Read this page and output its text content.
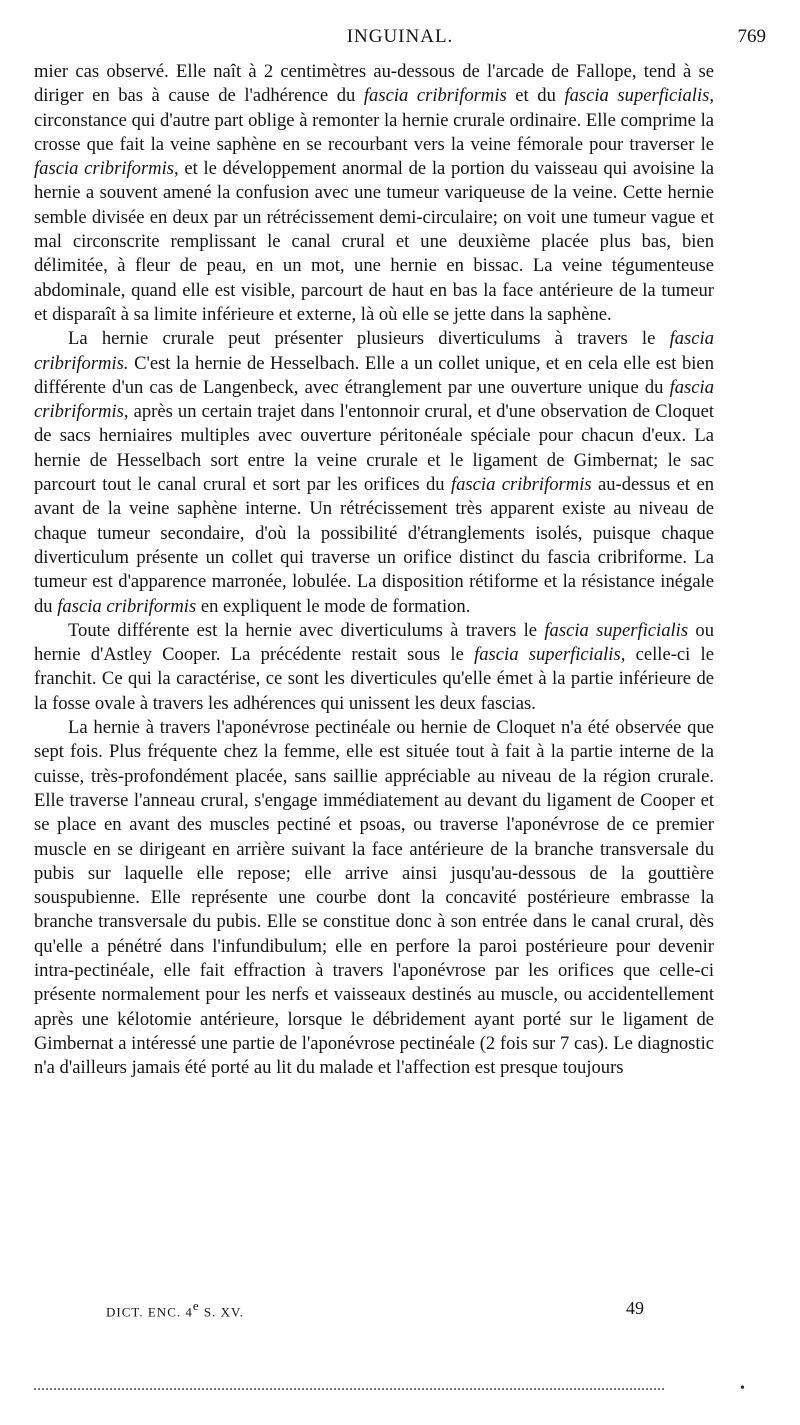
INGUINAL.	769

mier cas observé. Elle naît à 2 centimètres au-dessous de l'arcade de Fallope, tend à se diriger en bas à cause de l'adhérence du fascia cribriformis et du fascia superficialis, circonstance qui d'autre part oblige à remonter la hernie crurale ordinaire. Elle comprime la crosse que fait la veine saphène en se recourbant vers la veine fémorale pour traverser le fascia cribriformis, et le développement anormal de la portion du vaisseau qui avoisine la hernie a souvent amené la confusion avec une tumeur variqueuse de la veine. Cette hernie semble divisée en deux par un rétrécissement demi-circulaire; on voit une tumeur vague et mal circonscrite remplissant le canal crural et une deuxième placée plus bas, bien délimitée, à fleur de peau, en un mot, une hernie en bissac. La veine tégumenteuse abdominale, quand elle est visible, parcourt de haut en bas la face antérieure de la tumeur et disparaît à sa limite inférieure et externe, là où elle se jette dans la saphène.

La hernie crurale peut présenter plusieurs diverticulums à travers le fascia cribriformis. C'est la hernie de Hesselbach. Elle a un collet unique, et en cela elle est bien différente d'un cas de Langenbeck, avec étranglement par une ouverture unique du fascia cribriformis, après un certain trajet dans l'entonnoir crural, et d'une observation de Cloquet de sacs herniaires multiples avec ouverture péritonéale spéciale pour chacun d'eux. La hernie de Hesselbach sort entre la veine crurale et le ligament de Gimbernat; le sac parcourt tout le canal crural et sort par les orifices du fascia cribriformis au-dessus et en avant de la veine saphène interne. Un rétrécissement très apparent existe au niveau de chaque tumeur secondaire, d'où la possibilité d'étranglements isolés, puisque chaque diverticulum présente un collet qui traverse un orifice distinct du fascia cribriforme. La tumeur est d'apparence marronée, lobulée. La disposition rétiforme et la résistance inégale du fascia cribriformis en expliquent le mode de formation.

Toute différente est la hernie avec diverticulums à travers le fascia superficialis ou hernie d'Astley Cooper. La précédente restait sous le fascia superficialis, celle-ci le franchit. Ce qui la caractérise, ce sont les diverticules qu'elle émet à la partie inférieure de la fosse ovale à travers les adhérences qui unissent les deux fascias.

La hernie à travers l'aponévrose pectinéale ou hernie de Cloquet n'a été observée que sept fois. Plus fréquente chez la femme, elle est située tout à fait à la partie interne de la cuisse, très-profondément placée, sans saillie appréciable au niveau de la région crurale. Elle traverse l'anneau crural, s'engage immédiatement au devant du ligament de Cooper et se place en avant des muscles pectiné et psoas, ou traverse l'aponévrose de ce premier muscle en se dirigeant en arrière suivant la face antérieure de la branche transversale du pubis sur laquelle elle repose; elle arrive ainsi jusqu'au-dessous de la gouttière souspubienne. Elle représente une courbe dont la concavité postérieure embrasse la branche transversale du pubis. Elle se constitue donc à son entrée dans le canal crural, dès qu'elle a pénétré dans l'infundibulum; elle en perfore la paroi postérieure pour devenir intra-pectinéale, elle fait effraction à travers l'aponévrose par les orifices que celle-ci présente normalement pour les nerfs et vaisseaux destinés au muscle, ou accidentellement après une kélotomie antérieure, lorsque le débridement ayant porté sur le ligament de Gimbernat a intéressé une partie de l'aponévrose pectinéale (2 fois sur 7 cas). Le diagnostic n'a d'ailleurs jamais été porté au lit du malade et l'affection est presque toujours

DICT. ENC. 4e S. XV.	49
•
